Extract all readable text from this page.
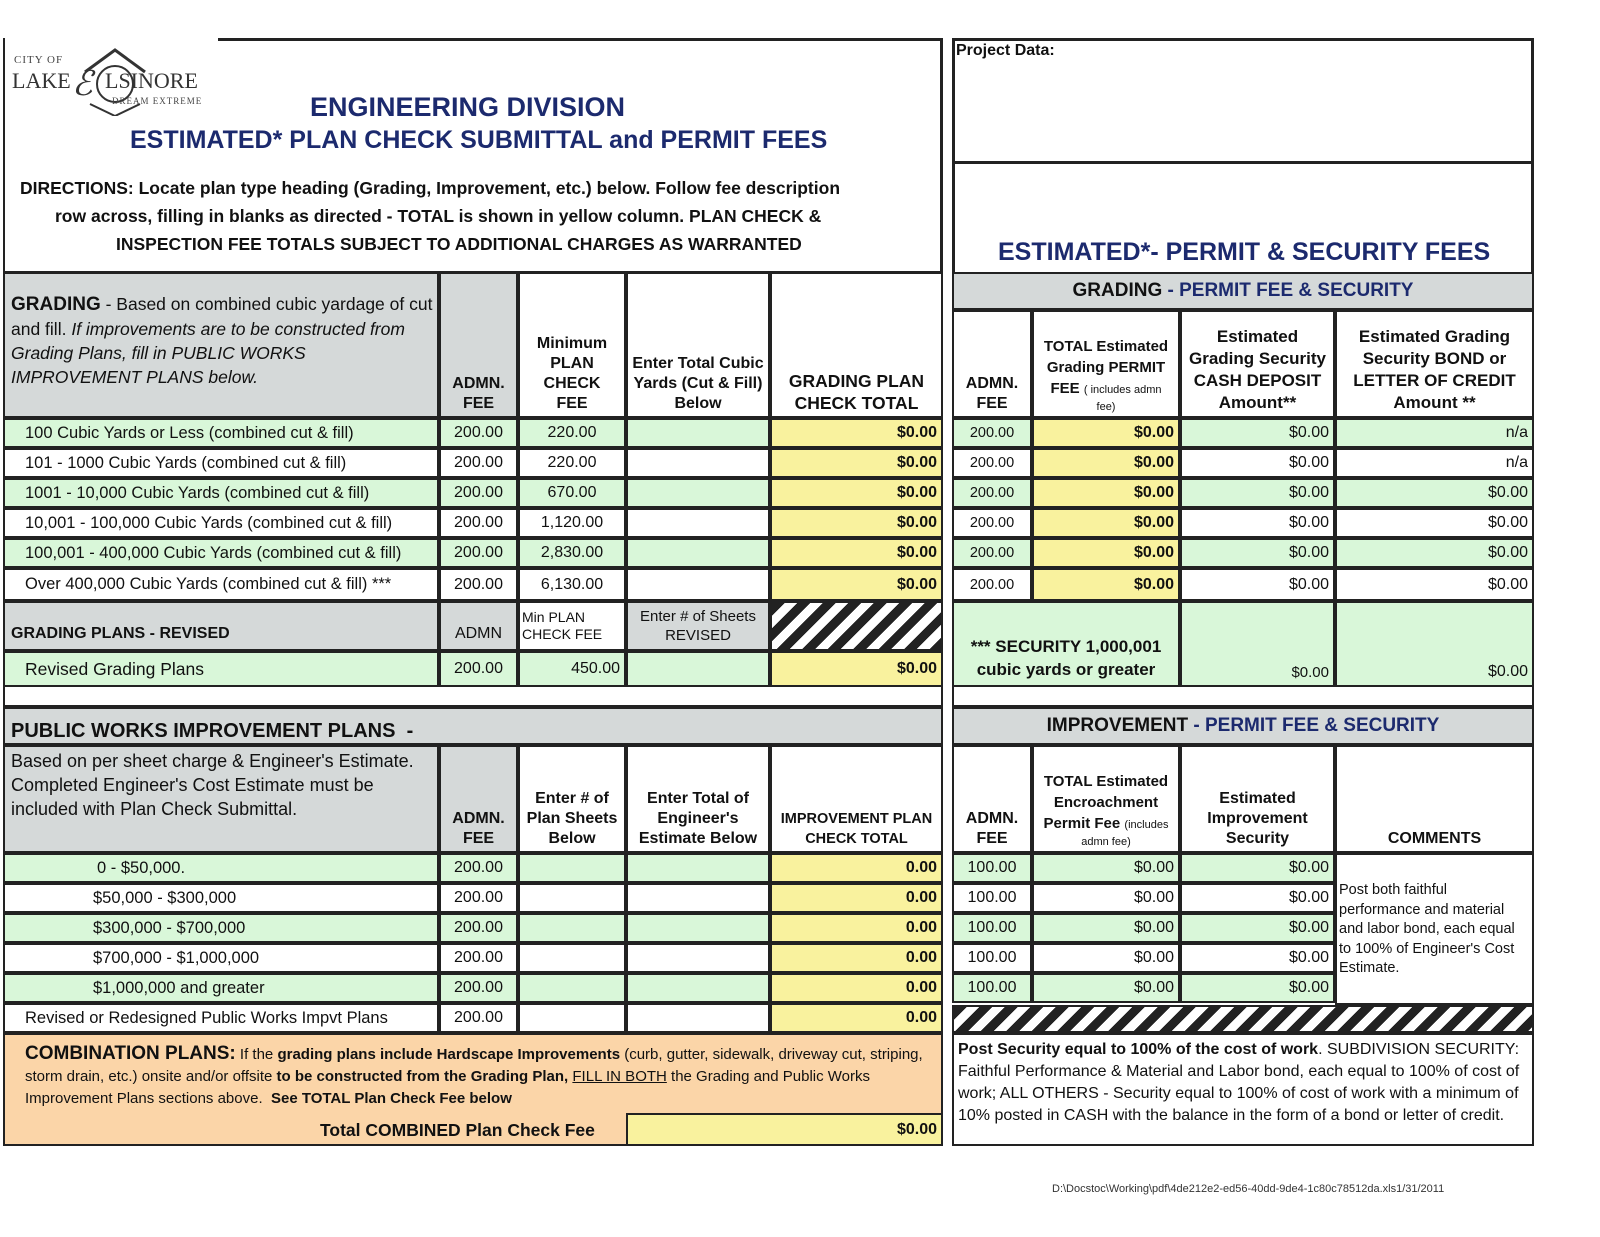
CITY OF
LAKE ℰ LSINORE
DREAM EXTREME	ENGINEERING DIVISION
ESTIMATED* PLAN CHECK SUBMITTAL and PERMIT FEES
DIRECTIONS: Locate plan type heading (Grading, Improvement, etc.) below. Follow fee description
row across, filling in blanks as directed - TOTAL is shown in yellow column. PLAN CHECK &
INSPECTION FEE TOTALS SUBJECT TO ADDITIONAL CHARGES AS WARRANTED
Project Data:
ESTIMATED*- PERMIT & SECURITY FEES
GRADING - Based on combined cubic yardage of cut and fill. If improvements are to be constructed from Grading Plans, fill in PUBLIC WORKS IMPROVEMENT PLANS below.	ADMN.
FEE
Minimum
PLAN CHECK
FEE
Enter Total Cubic
Yards (Cut & Fill)
Below
GRADING PLAN
CHECK TOTAL
100 Cubic Yards or Less (combined cut & fill)	200.00	220.00	$0.00
101 - 1000 Cubic Yards (combined cut & fill)	200.00	220.00	$0.00
1001 - 10,000 Cubic Yards (combined cut & fill)	200.00	670.00	$0.00
10,001 - 100,000 Cubic Yards (combined cut & fill)	200.00	1,120.00	$0.00
100,001 - 400,000 Cubic Yards (combined cut & fill)	200.00	2,830.00	$0.00
Over 400,000 Cubic Yards (combined cut & fill) ***	200.00	6,130.00	$0.00
GRADING PLANS - REVISED	ADMN
Min PLAN
CHECK FEE
Enter # of Sheets
REVISED
Revised Grading Plans	200.00	450.00	$0.00
GRADING - PERMIT FEE & SECURITY
ADMN.
FEE
TOTAL Estimated
Grading PERMIT
FEE ( includes admn
fee)
Estimated
Grading Security
CASH DEPOSIT
Amount**
Estimated Grading
Security BOND or
LETTER OF CREDIT
Amount **
200.00	$0.00	$0.00	n/a
200.00	$0.00	$0.00	n/a
200.00	$0.00	$0.00	$0.00
200.00	$0.00	$0.00	$0.00
200.00	$0.00	$0.00	$0.00
200.00	$0.00	$0.00	$0.00
*** SECURITY 1,000,001
cubic yards or greater	$0.00	$0.00
PUBLIC WORKS IMPROVEMENT PLANS  -
Based on per sheet charge & Engineer's Estimate. Completed Engineer's Cost Estimate must be included with Plan Check Submittal.	ADMN.
FEE
Enter # of
Plan Sheets
Below
Enter Total of
Engineer's
Estimate Below
IMPROVEMENT PLAN
CHECK TOTAL
0 - $50,000.	200.00	0.00
$50,000 - $300,000	200.00	0.00
$300,000 - $700,000	200.00	0.00
$700,000 - $1,000,000	200.00	0.00
$1,000,000 and greater	200.00	0.00
Revised or Redesigned Public Works Impvt Plans	200.00	0.00
IMPROVEMENT - PERMIT FEE & SECURITY
ADMN.
FEE
TOTAL Estimated
Encroachment
Permit Fee (includes
admn fee)
Estimated
Improvement
Security	COMMENTS
100.00	$0.00	$0.00
100.00	$0.00	$0.00
100.00	$0.00	$0.00
100.00	$0.00	$0.00
100.00	$0.00	$0.00
Post both faithful performance and material and labor bond, each equal to 100% of Engineer's Cost Estimate.
COMBINATION PLANS: If the grading plans include Hardscape Improvements (curb, gutter, sidewalk, driveway cut, striping, storm drain, etc.) onsite and/or offsite to be constructed from the Grading Plan, FILL IN BOTH the Grading and Public Works Improvement Plans sections above.  See TOTAL Plan Check Fee below
Total COMBINED Plan Check Fee	$0.00
Post Security equal to 100% of the cost of work. SUBDIVISION SECURITY: Faithful Performance & Material and Labor bond, each equal to 100% of cost of work; ALL OTHERS - Security equal to 100% of cost of work with a minimum of 10% posted in CASH with the balance in the form of a bond or letter of credit.
D:\Docstoc\Working\pdf\4de212e2-ed56-40dd-9de4-1c80c78512da.xls1/31/2011
